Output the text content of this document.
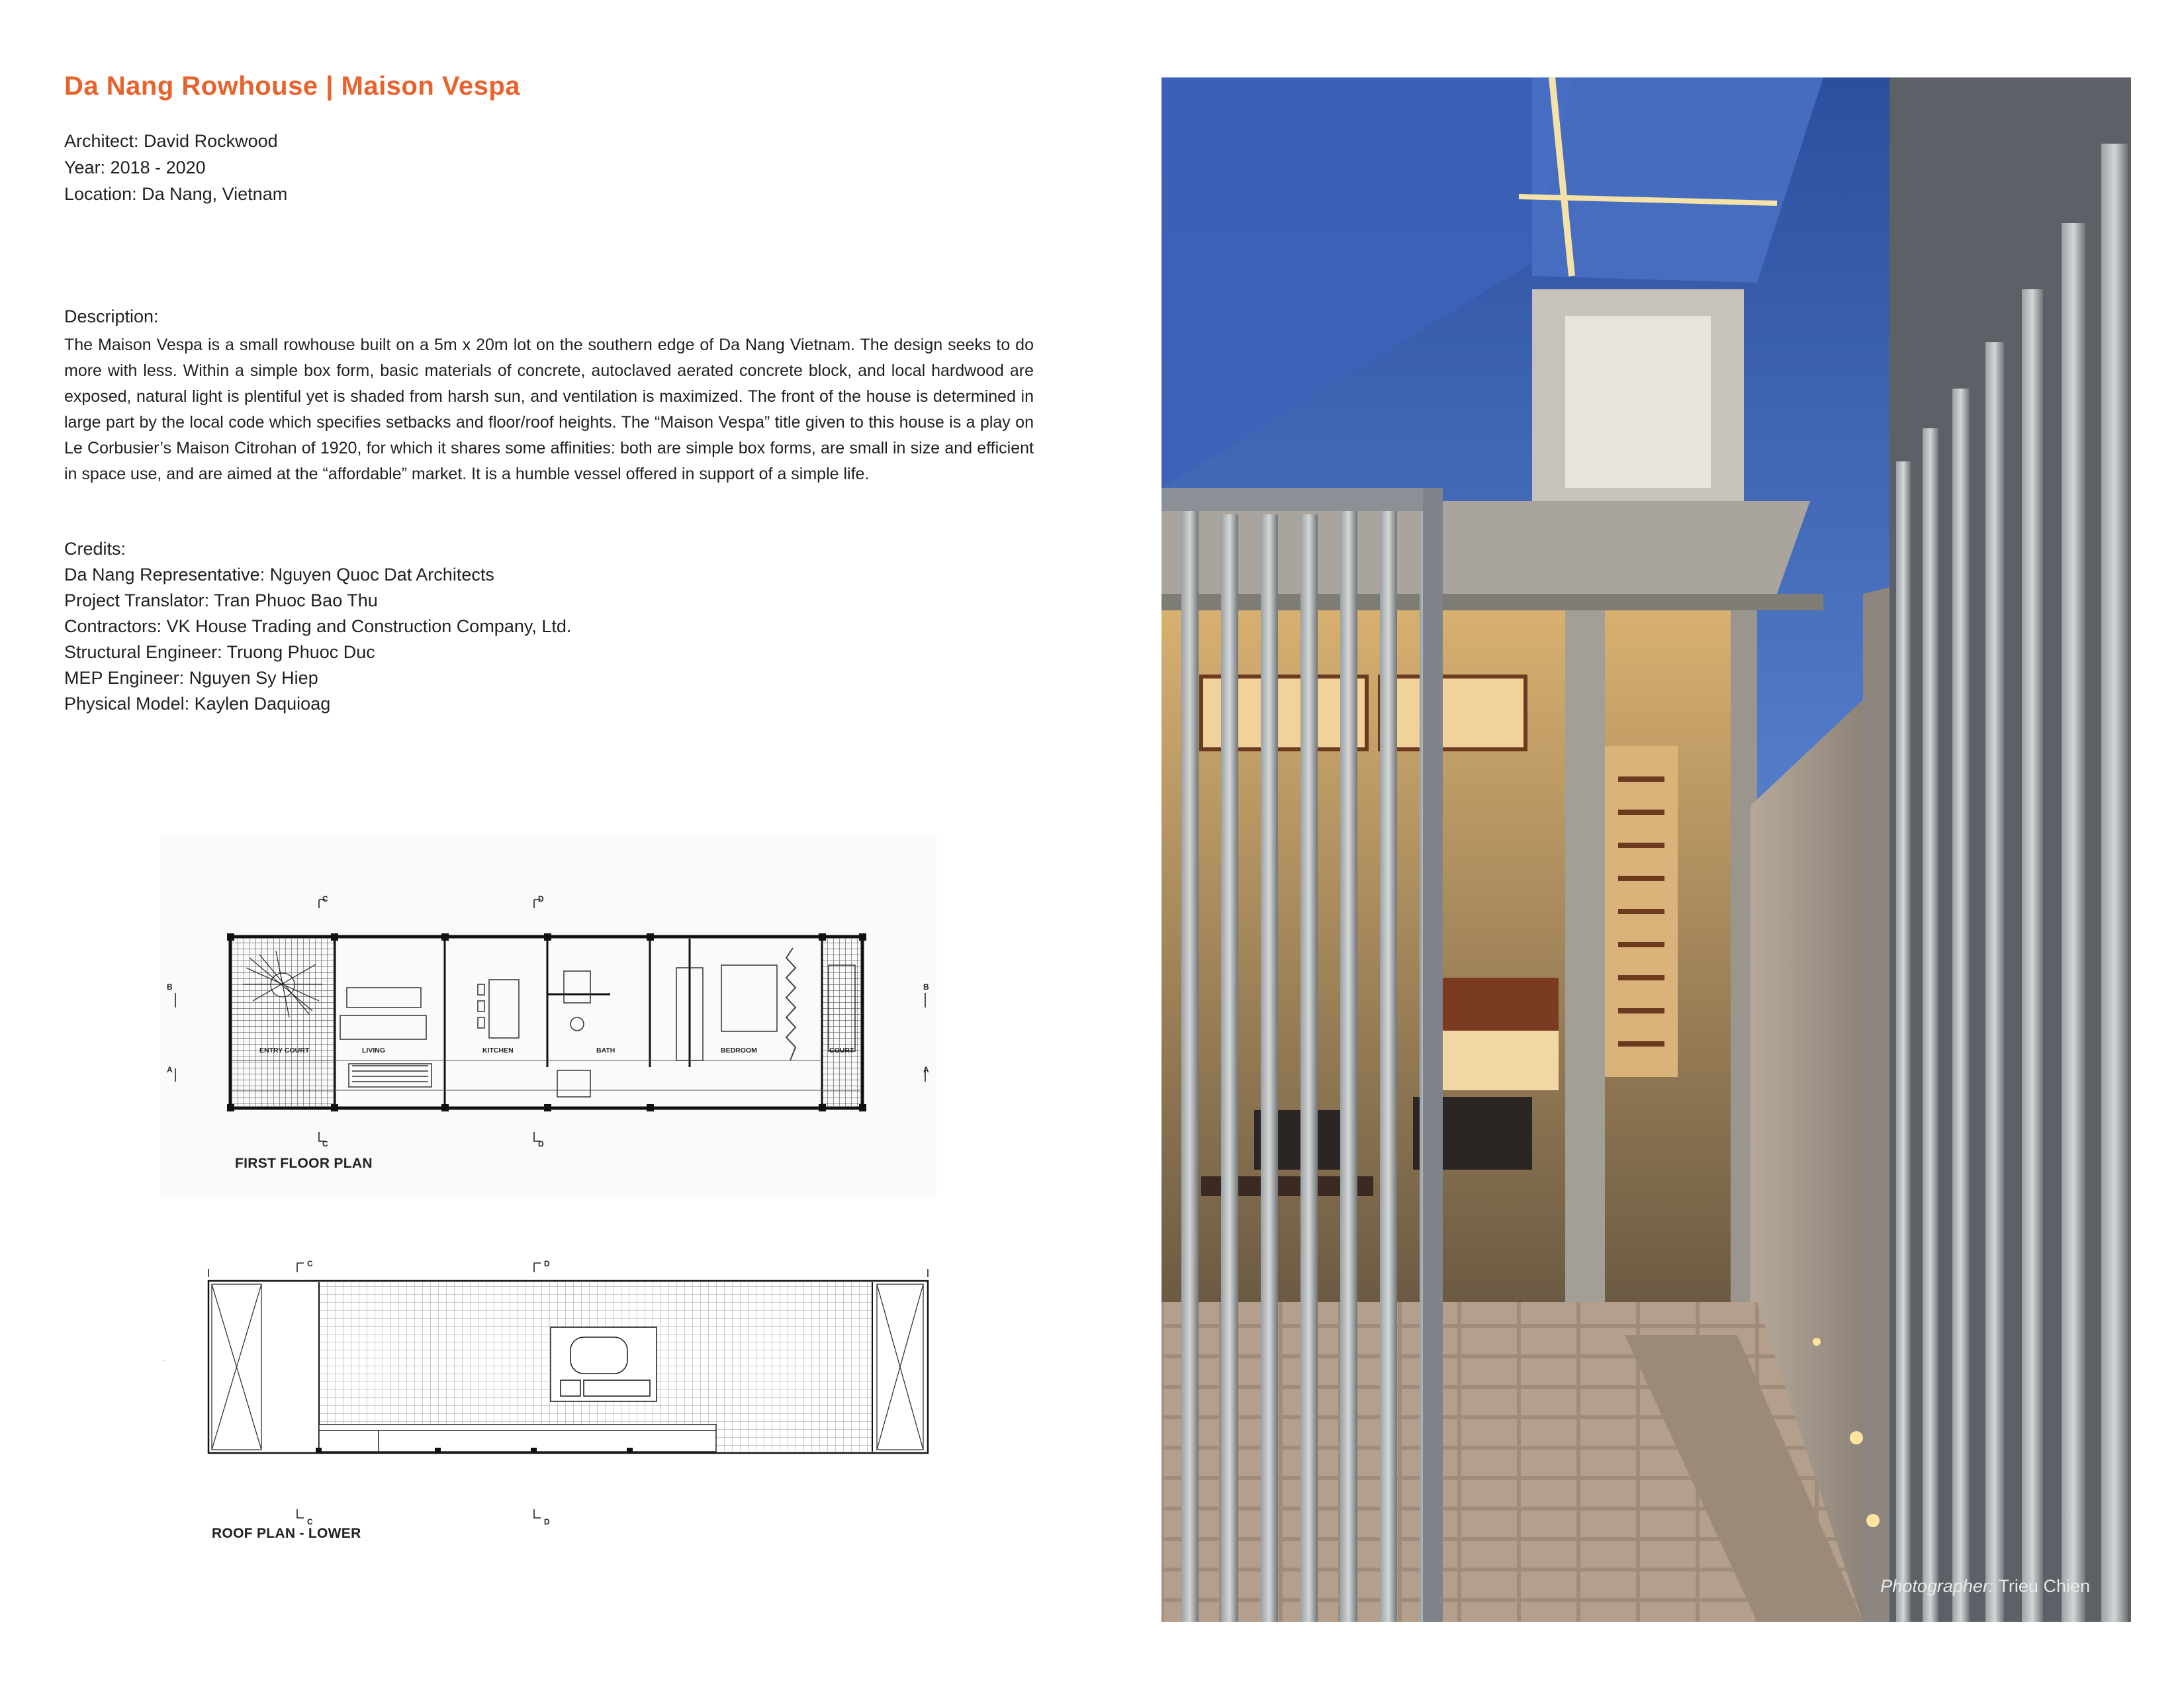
Da Nang Rowhouse | Maison Vespa
Architect: David Rockwood
Year: 2018 - 2020
Location: Da Nang, Vietnam
Description:
The Maison Vespa is a small rowhouse built on a 5m x 20m lot on the southern edge of Da Nang Vietnam. The design seeks to do more with less. Within a simple box form, basic materials of concrete, autoclaved aerated concrete block, and local hardwood are exposed, natural light is plentiful yet is shaded from harsh sun, and ventilation is maximized. The front of the house is determined in large part by the local code which specifies setbacks and floor/roof heights. The “Maison Vespa” title given to this house is a play on Le Corbusier’s Maison Citrohan of 1920, for which it shares some affinities: both are simple box forms, are small in size and efficient in space use, and are aimed at the “affordable” market. It is a humble vessel offered in support of a simple life.
Credits:
Da Nang Representative: Nguyen Quoc Dat Architects
Project Translator: Tran Phuoc Bao Thu
Contractors: VK House Trading and Construction Company, Ltd.
Structural Engineer: Truong Phuoc Duc
MEP Engineer: Nguyen Sy Hiep
Physical Model: Kaylen Daquioag
C	D
C	D
B	B
A	A
ENTRY COURT	LIVING	KITCHEN	BATH	BEDROOM	COURT
FIRST FLOOR PLAN
C	D
C	D
·
ROOF PLAN - LOWER
Photographer: Trieu Chien
